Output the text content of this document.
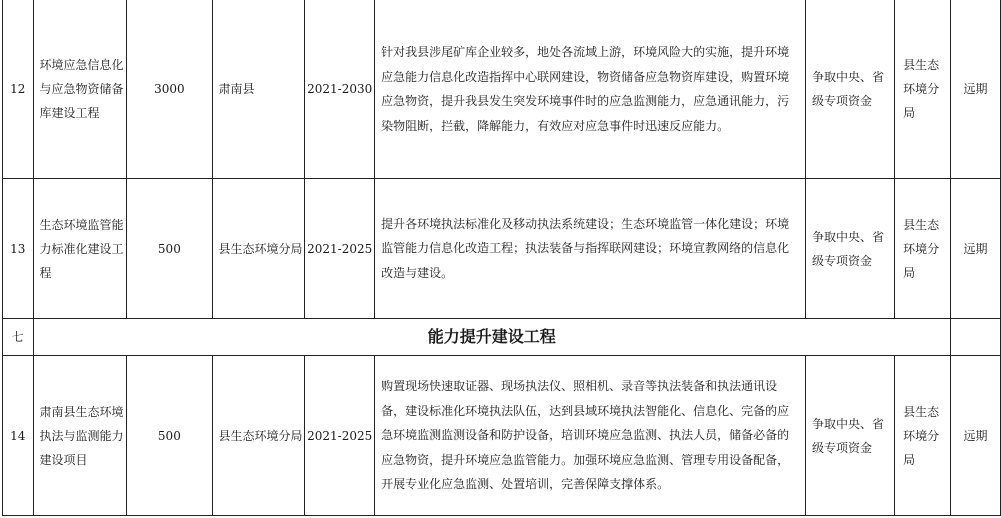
12	环境应急信息化与应急物资储备库建设工程	3000	肃南县	2021-2030	针对我县涉尾矿库企业较多，地处各流域上游，环境风险大的实施，提升环境应急能力信息化改造指挥中心联网建设，物资储备应急物资库建设，购置环境应急物资，提升我县发生突发环境事件时的应急监测能力，应急通讯能力，污染物阻断，拦截，降解能力，有效应对应急事件时迅速反应能力。	争取中央、省级专项资金	县生态环境分局	远期
13	生态环境监管能力标准化建设工程	500	县生态环境分局	2021-2025	提升各环境执法标准化及移动执法系统建设；生态环境监管一体化建设；环境监管能力信息化改造工程；执法装备与指挥联网建设；环境宣教网络的信息化改造与建设。	争取中央、省级专项资金	县生态环境分局	远期
七	能力提升建设工程							
14	肃南县生态环境执法与监测能力建设项目	500	县生态环境分局	2021-2025	购置现场快速取证器、现场执法仪、照相机、录音等执法装备和执法通讯设备，建设标准化环境执法队伍，达到县域环境执法智能化、信息化、完备的应急环境监测监测设备和防护设备，培训环境应急监测、执法人员，储备必备的应急物资，提升环境应急监管能力。加强环境应急监测、管理专用设备配备，开展专业化应急监测、处置培训，完善保障支撑体系。	争取中央、省级专项资金	县生态环境分局	远期
